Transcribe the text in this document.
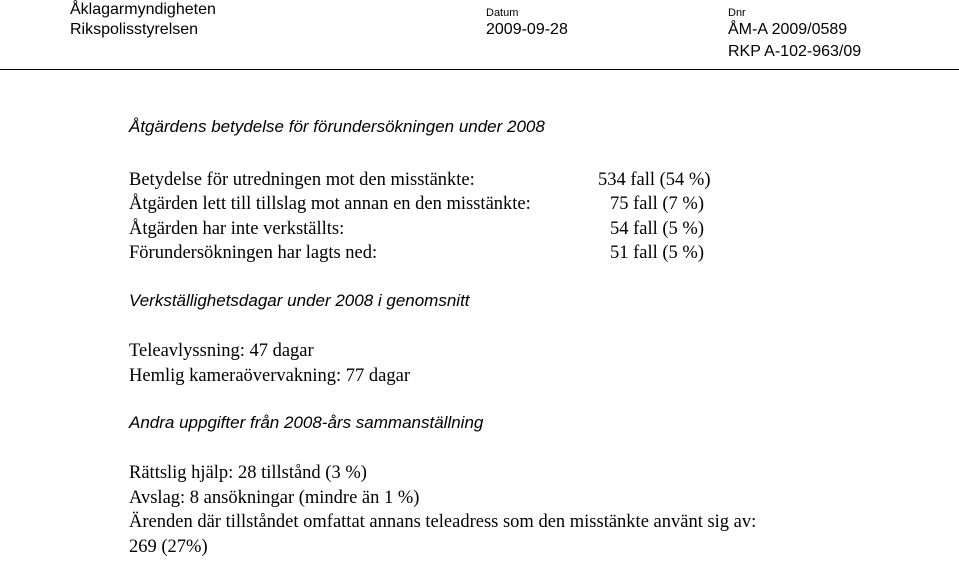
Åklagarmyndigheten
Rikspolisstyrelsen
Datum
2009-09-28
Dnr
ÅM-A 2009/0589
RKP A-102-963/09
Åtgärdens betydelse för förundersökningen under 2008
Betydelse för utredningen mot den misstänkte:	534 fall (54 %)
Åtgärden lett till tillslag mot annan en den misstänkte:	75 fall (7 %)
Åtgärden har inte verkställts:	54 fall (5 %)
Förundersökningen har lagts ned:	51 fall (5 %)
Verkställighetsdagar under 2008 i genomsnitt
Teleavlyssning: 47 dagar
Hemlig kameraövervakning: 77 dagar
Andra uppgifter från 2008-års sammanställning
Rättslig hjälp: 28 tillstånd (3 %)
Avslag: 8 ansökningar (mindre än 1 %)
Ärenden där tillståndet omfattat annans teleadress som den misstänkte använt sig av:
269 (27%)
